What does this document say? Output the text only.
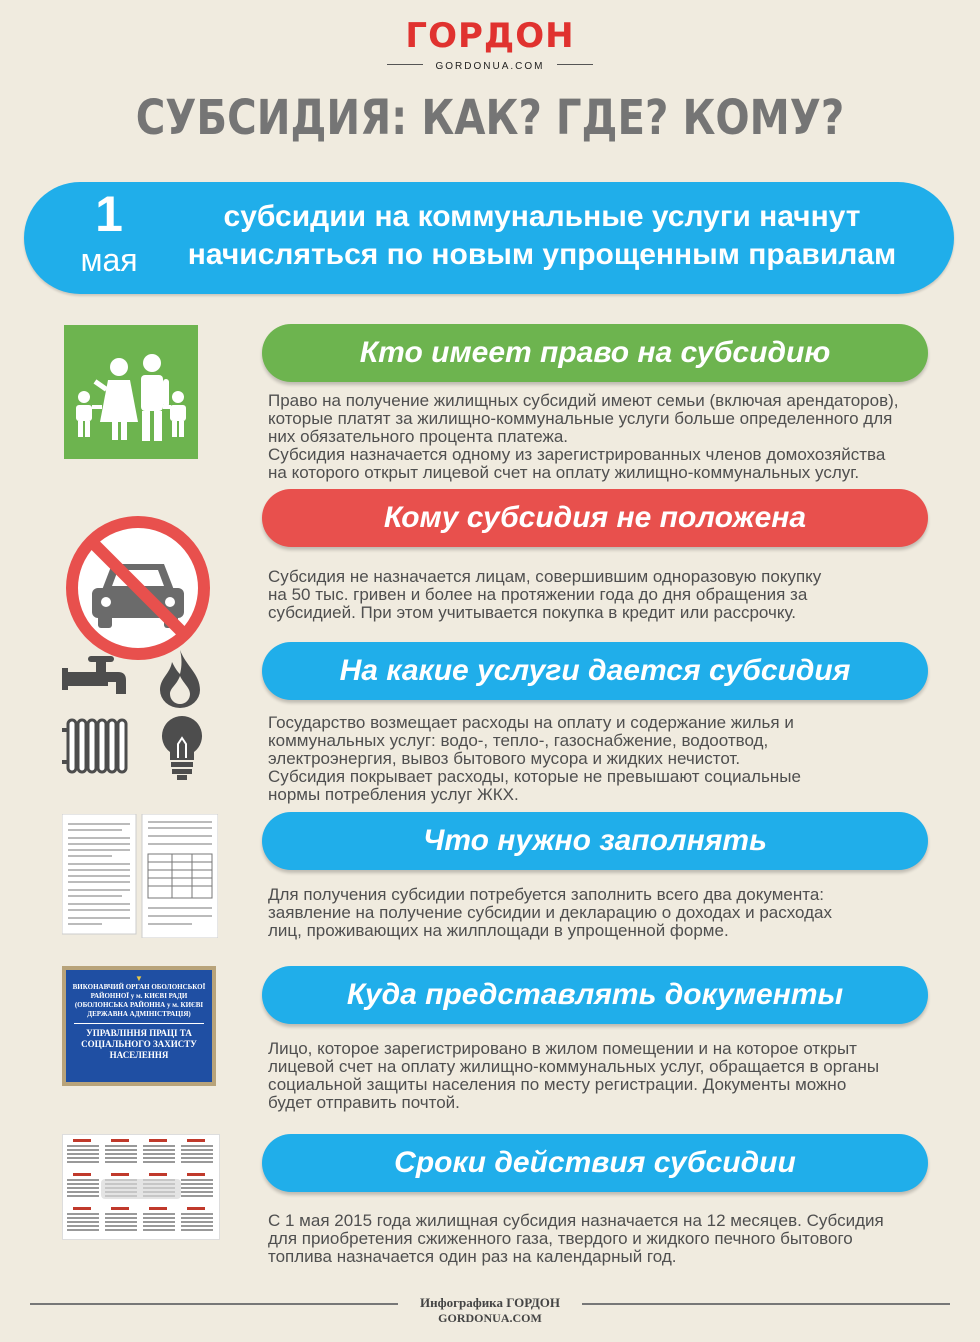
ГОРДОН
GORDONUA.COM
СУБСИДИЯ: КАК? ГДЕ? КОМУ?
1
мая
субсидии на коммунальные услуги начнут
начисляться по новым упрощенным правилам
Кто имеет право на субсидию
Право на получение жилищных субсидий имеют семьи (включая арендаторов),
которые платят за жилищно-коммунальные услуги больше определенного для
них обязательного процента платежа.
Субсидия назначается одному из зарегистрированных членов домохозяйства
на которого открыт лицевой счет на оплату жилищно-коммунальных услуг.
Кому субсидия не положена
Субсидия не назначается лицам, совершившим одноразовую покупку
на 50 тыс. гривен и более на протяжении года до дня обращения за
субсидией. При этом учитывается покупка в кредит или рассрочку.
На какие услуги дается субсидия
Государство возмещает расходы на оплату и содержание жилья и
коммунальных услуг: водо-, тепло-, газоснабжение, водоотвод,
электроэнергия, вывоз бытового мусора и жидких нечистот.
Субсидия покрывает расходы, которые не превышают социальные
нормы потребления услуг ЖКХ.
Что нужно заполнять
Для получения субсидии потребуется заполнить всего два документа:
заявление на получение субсидии и декларацию о доходах и расходах
лиц, проживающих на жилплощади в упрощенной форме.
▼
ВИКОНАВЧИЙ ОРГАН ОБОЛОНСЬКОЇ
РАЙОННОЇ у м. КИЄВІ РАДИ
(ОБОЛОНСЬКА РАЙОННА у м. КИЄВІ
ДЕРЖАВНА АДМІНІСТРАЦІЯ)
УПРАВЛІННЯ ПРАЦІ ТА
СОЦІАЛЬНОГО ЗАХИСТУ
НАСЕЛЕННЯ
Куда представлять документы
Лицо, которое зарегистрировано в жилом помещении и на которое открыт
лицевой счет на оплату жилищно-коммунальных услуг, обращается в органы
социальной защиты населения по месту регистрации. Документы можно
будет отправить почтой.
Сроки действия субсидии
С 1 мая 2015 года жилищная субсидия назначается на 12 месяцев. Субсидия
для приобретения сжиженного газа, твердого и жидкого печного бытового
топлива назначается один раз на календарный год.
Инфографика ГОРДОН
GORDONUA.COM
